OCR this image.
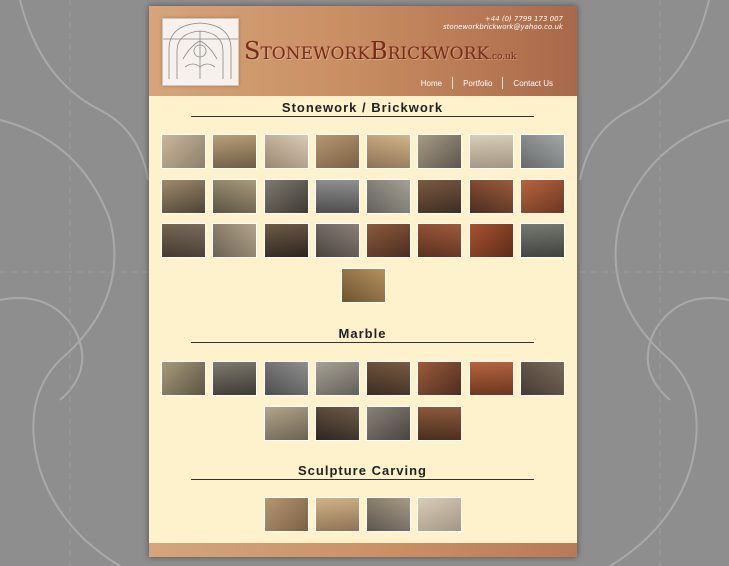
STONEWORKBRICKWORK.co.uk
+44 (0) 7799 173 007
stoneworkbrickwork@yahoo.co.uk
Home	Portfolio	Contact Us
Stonework / Brickwork
Marble
Sculpture Carving
